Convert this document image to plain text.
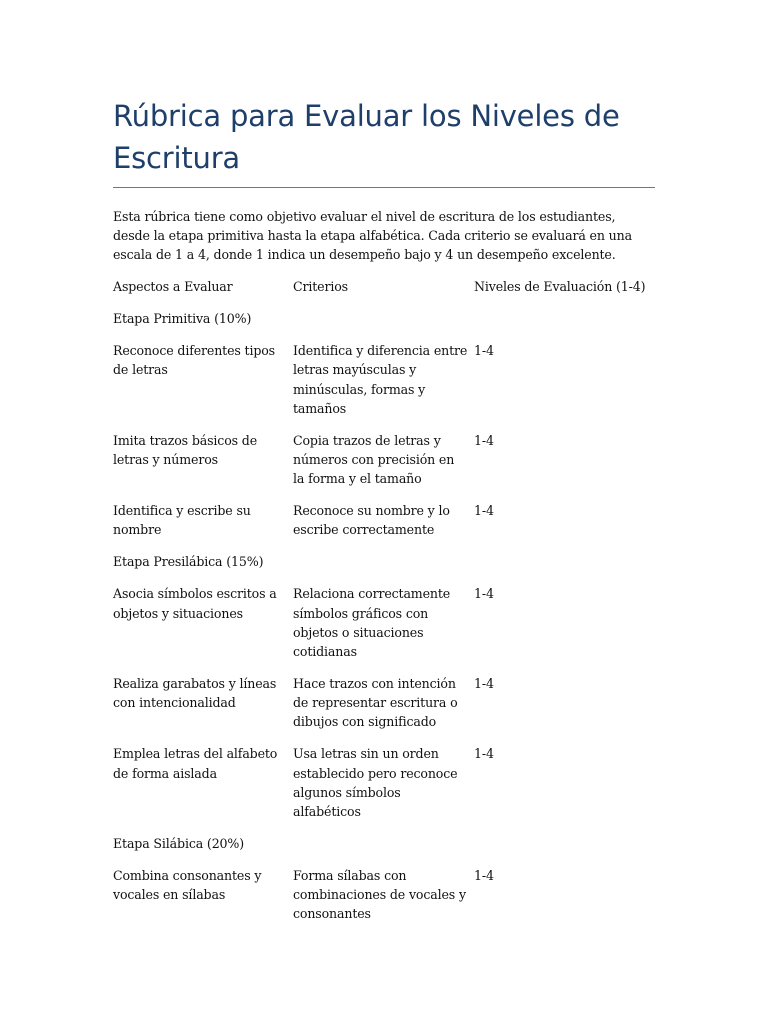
Rúbrica para Evaluar los Niveles de Escritura

Esta rúbrica tiene como objetivo evaluar el nivel de escritura de los estudiantes, desde la etapa primitiva hasta la etapa alfabética. Cada criterio se evaluará en una escala de 1 a 4, donde 1 indica un desempeño bajo y 4 un desempeño excelente.

Aspectos a Evaluar	Criterios	Niveles de Evaluación (1-4)
Etapa Primitiva (10%)
Reconoce diferentes tipos de letras
Identifica y diferencia entre letras mayúsculas y minúsculas, formas y tamaños
1-4
Imita trazos básicos de letras y números
Copia trazos de letras y números con precisión en la forma y el tamaño
1-4
Identifica y escribe su nombre
Reconoce su nombre y lo escribe correctamente
1-4
Etapa Presilábica (15%)
Asocia símbolos escritos a objetos y situaciones
Relaciona correctamente símbolos gráficos con objetos o situaciones cotidianas
1-4
Realiza garabatos y líneas con intencionalidad
Hace trazos con intención de representar escritura o dibujos con significado
1-4
Emplea letras del alfabeto de forma aislada
Usa letras sin un orden establecido pero reconoce algunos símbolos alfabéticos
1-4
Etapa Silábica (20%)
Combina consonantes y vocales en sílabas
Forma sílabas con combinaciones de vocales y consonantes
1-4
